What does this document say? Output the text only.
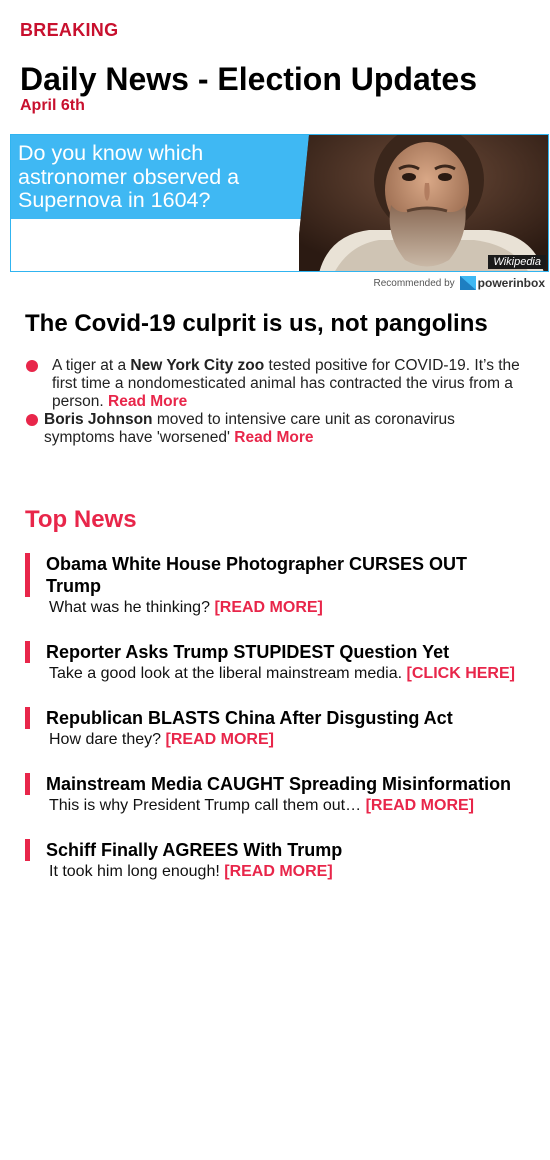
BREAKING
Daily News - Election Updates
April 6th
Do you know which astronomer observed a Supernova in 1604?
Wikipedia
Recommended by powerinbox
The Covid-19 culprit is us, not pangolins
A tiger at a New York City zoo tested positive for COVID-19. It’s the first time a nondomesticated animal has contracted the virus from a person. Read More
Boris Johnson moved to intensive care unit as coronavirus symptoms have 'worsened' Read More
Top News
Obama White House Photographer CURSES OUT Trump
What was he thinking? [READ MORE]
Reporter Asks Trump STUPIDEST Question Yet
Take a good look at the liberal mainstream media. [CLICK HERE]
Republican BLASTS China After Disgusting Act
How dare they? [READ MORE]
Mainstream Media CAUGHT Spreading Misinformation
This is why President Trump call them out… [READ MORE]
Schiff Finally AGREES With Trump
It took him long enough! [READ MORE]
